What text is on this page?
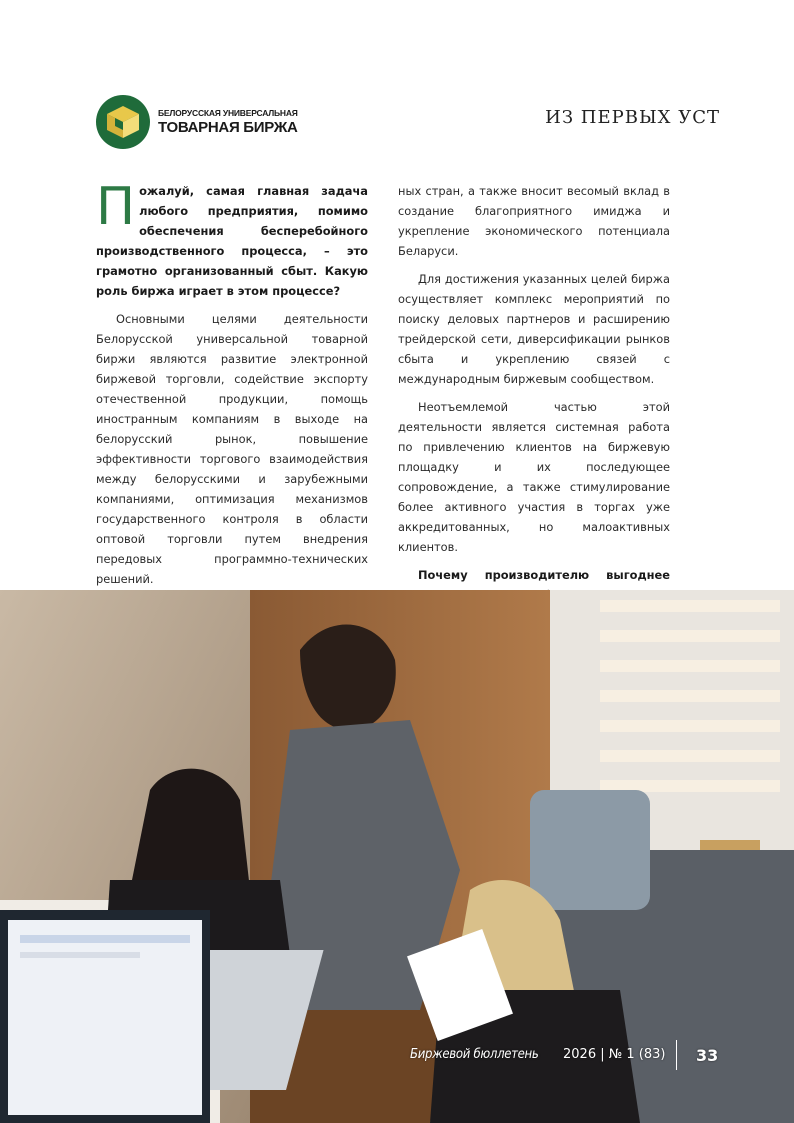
БЕЛОРУССКАЯ УНИВЕРСАЛЬНАЯ
ТОВАРНАЯ БИРЖА	ИЗ ПЕРВЫХ УСТ

Пожалуй, самая главная задача любого предприятия, помимо обеспечения бесперебойного производственного процесса, – это грамотно организованный сбыт. Какую роль биржа играет в этом процессе?

Основными целями деятельности Белорусской универсальной товарной биржи являются развитие электронной биржевой торговли, содействие экспорту отечественной продукции, помощь иностранным компаниям в выходе на белорусский рынок, повышение эффективности торгового взаимодействия между белорусскими и зарубежными компаниями, оптимизация механизмов государственного контроля в области оптовой торговли путем внедрения передовых программно-технических решений.

ных стран, а также вносит весомый вклад в создание благоприятного имиджа и укрепление экономического потенциала Беларуси.

Для достижения указанных целей биржа осуществляет комплекс мероприятий по поиску деловых партнеров и расширению трейдерской сети, диверсификации рынков сбыта и укреплению связей с международным биржевым сообществом.

Неотъемлемой частью этой деятельности является системная работа по привлечению клиентов на биржевую площадку и их последующее сопровождение, а также стимулирование более активного участия в торгах уже аккредитованных, но малоактивных клиентов.

Почему производителю выгоднее

Биржевой бюллетень 2026 | № 1 (83) 33
